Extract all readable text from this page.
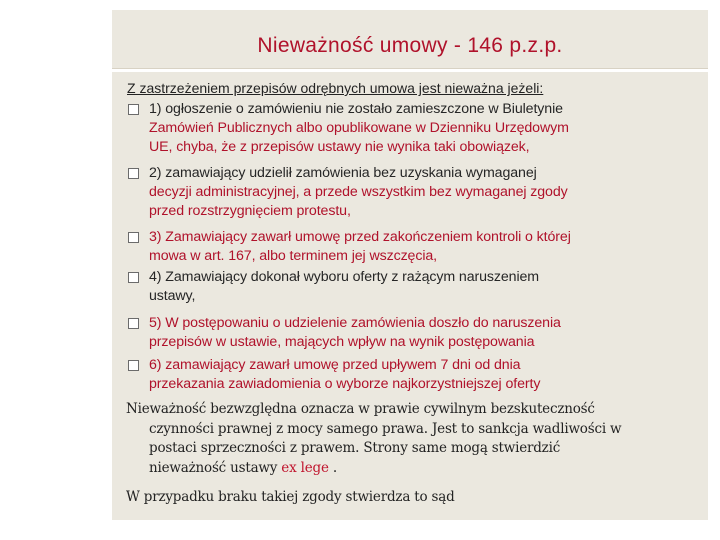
Nieważność umowy - 146 p.z.p.
Z zastrzeżeniem przepisów odrębnych umowa jest nieważna jeżeli:
1) ogłoszenie o zamówieniu nie zostało zamieszczone w Biuletynie
Zamówień Publicznych albo opublikowane w Dzienniku Urzędowym
UE, chyba, że z przepisów ustawy nie wynika taki obowiązek,
2) zamawiający udzielił zamówienia bez uzyskania wymaganej
decyzji administracyjnej, a przede wszystkim bez wymaganej zgody
przed rozstrzygnięciem protestu,
3) Zamawiający zawarł umowę przed zakończeniem kontroli o której
mowa w art. 167, albo terminem jej wszczęcia,
4) Zamawiający dokonał wyboru oferty z rażącym naruszeniem
ustawy,
5) W postępowaniu o udzielenie zamówienia doszło do naruszenia
przepisów w ustawie, mających wpływ na wynik postępowania
6) zamawiający zawarł umowę przed upływem 7 dni od dnia
przekazania zawiadomienia o wyborze najkorzystniejszej oferty
Nieważność bezwzględna oznacza w prawie cywilnym bezskuteczność
czynności prawnej z mocy samego prawa. Jest to sankcja wadliwości w
postaci sprzeczności z prawem. Strony same mogą stwierdzić
nieważność ustawy ex lege .
W przypadku braku takiej zgody stwierdza to sąd
